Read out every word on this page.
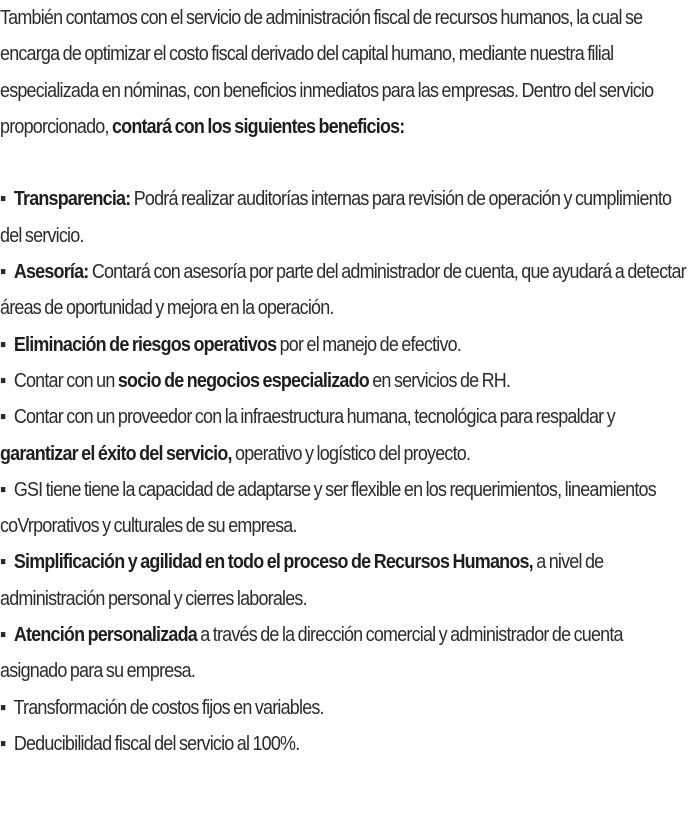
También contamos con el servicio de administración fiscal de recursos humanos, la cual se encarga de optimizar el costo fiscal derivado del capital humano, mediante nuestra filial especializada en nóminas, con beneficios inmediatos para las empresas. Dentro del servicio proporcionado, contará con los siguientes beneficios:

▪ Transparencia: Podrá realizar auditorías internas para revisión de operación y cumplimiento del servicio.

▪ Asesoría: Contará con asesoría por parte del administrador de cuenta, que ayudará a detectar áreas de oportunidad y mejora en la operación.

▪ Eliminación de riesgos operativos por el manejo de efectivo.

▪ Contar con un socio de negocios especializado en servicios de RH.

▪ Contar con un proveedor con la infraestructura humana, tecnológica para respaldar y garantizar el éxito del servicio, operativo y logístico del proyecto.

▪ GSI tiene tiene la capacidad de adaptarse y ser flexible en los requerimientos, lineamientos coVrporativos y culturales de su empresa.

▪ Simplificación y agilidad en todo el proceso de Recursos Humanos, a nivel de administración personal y cierres laborales.

▪ Atención personalizada a través de la dirección comercial y administrador de cuenta asignado para su empresa.

▪ Transformación de costos fijos en variables.

▪ Deducibilidad fiscal del servicio al 100%.
